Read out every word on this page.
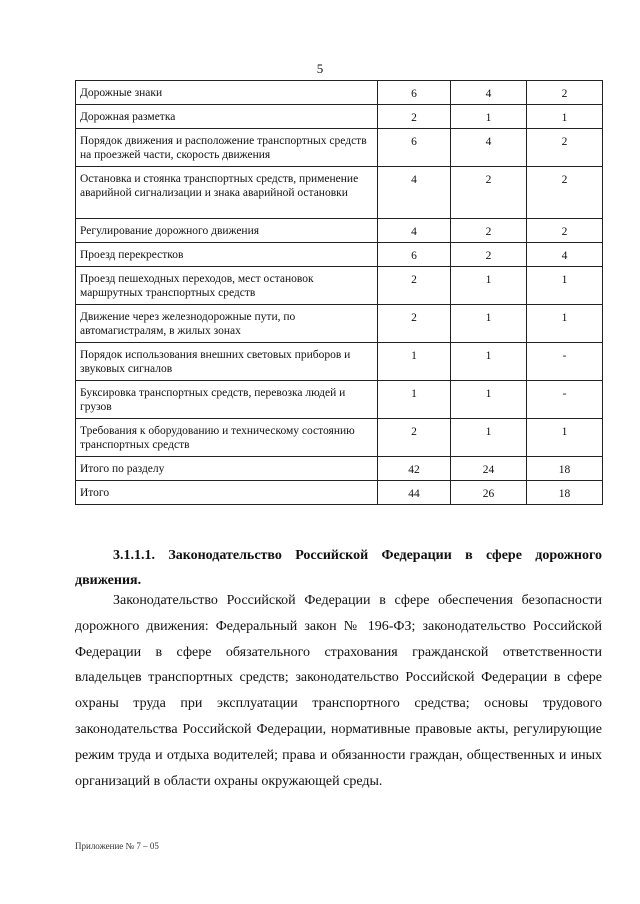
5
Дорожные знаки	6	4	2
Дорожная разметка	2	1	1
Порядок движения и расположение транспортных средств на проезжей части, скорость движения	6	4	2
Остановка и стоянка транспортных средств, применение аварийной сигнализации и знака аварийной остановки	4	2	2
Регулирование дорожного движения	4	2	2
Проезд перекрестков	6	2	4
Проезд пешеходных переходов, мест остановок маршрутных транспортных средств	2	1	1
Движение через железнодорожные пути, по автомагистралям, в жилых зонах	2	1	1
Порядок использования внешних световых приборов и звуковых сигналов	1	1	-
Буксировка транспортных средств, перевозка людей и грузов	1	1	-
Требования к оборудованию и техническому состоянию транспортных средств	2	1	1
Итого по разделу	42	24	18
Итого	44	26	18
3.1.1.1. Законодательство Российской Федерации в сфере дорожного движения.
Законодательство Российской Федерации в сфере обеспечения безопасности дорожного движения: Федеральный закон № 196-ФЗ; законодательство Российской Федерации в сфере обязательного страхования гражданской ответственности владельцев транспортных средств; законодательство Российской Федерации в сфере охраны труда при эксплуатации транспортного средства; основы трудового законодательства Российской Федерации, нормативные правовые акты, регулирующие режим труда и отдыха водителей; права и обязанности граждан, общественных и иных организаций в области охраны окружающей среды.
Приложение № 7 – 05
